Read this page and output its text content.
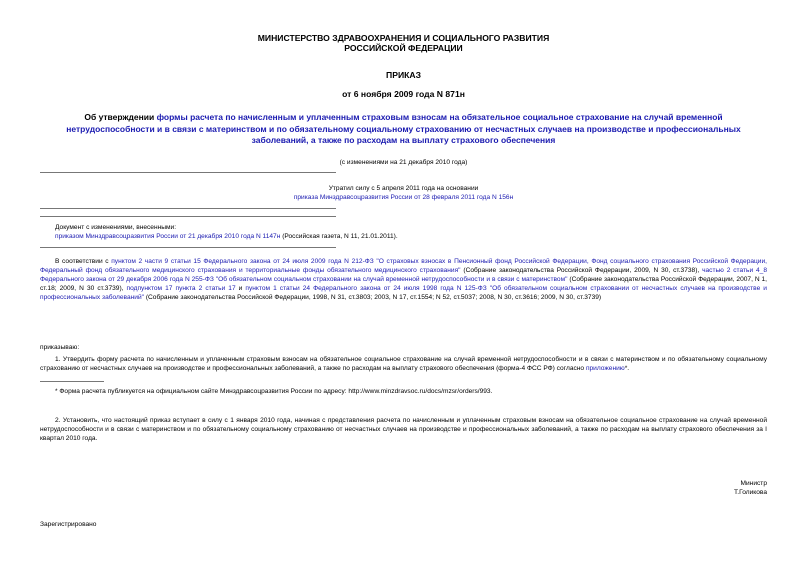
МИНИСТЕРСТВО ЗДРАВООХРАНЕНИЯ И СОЦИАЛЬНОГО РАЗВИТИЯ
РОССИЙСКОЙ ФЕДЕРАЦИИ
ПРИКАЗ
от 6 ноября 2009 года N 871н
Об утверждении формы расчета по начисленным и уплаченным страховым взносам на обязательное социальное страхование на случай временной нетрудоспособности и в связи с материнством и по обязательному социальному страхованию от несчастных случаев на производстве и профессиональных заболеваний, а также по расходам на выплату страхового обеспечения
(с изменениями на 21 декабря 2010 года)
Утратил силу с 5 апреля 2011 года на основании
приказа Минздравсоцразвития России от 28 февраля 2011 года N 156н
Документ с изменениями, внесенными:
приказом Минздравсоцразвития России от 21 декабря 2010 года N 1147н (Российская газета, N 11, 21.01.2011).
В соответствии с пунктом 2 части 9 статьи 15 Федерального закона от 24 июля 2009 года N 212-ФЗ "О страховых взносах в Пенсионный фонд Российской Федерации, Фонд социального страхования Российской Федерации, Федеральный фонд обязательного медицинского страхования и территориальные фонды обязательного медицинского страхования" (Собрание законодательства Российской Федерации, 2009, N 30, ст.3738), частью 2 статьи 4_8 Федерального закона от 29 декабря 2006 года N 255-ФЗ "Об обязательном социальном страховании на случай временной нетрудоспособности и в связи с материнством" (Собрание законодательства Российской Федерации, 2007, N 1, ст.18; 2009, N 30 ст.3739), подпунктом 17 пункта 2 статьи 17 и пунктом 1 статьи 24 Федерального закона от 24 июля 1998 года N 125-ФЗ "Об обязательном социальном страховании от несчастных случаев на производстве и профессиональных заболеваний" (Собрание законодательства Российской Федерации, 1998, N 31, ст.3803; 2003, N 17, ст.1554; N 52, ст.5037; 2008, N 30, ст.3616; 2009, N 30, ст.3739)
приказываю:
1. Утвердить форму расчета по начисленным и уплаченным страховым взносам на обязательное социальное страхование на случай временной нетрудоспособности и в связи с материнством и по обязательному социальному страхованию от несчастных случаев на производстве и профессиональных заболеваний, а также по расходам на выплату страхового обеспечения (форма-4 ФСС РФ) согласно приложению*.
* Форма расчета публикуется на официальном сайте Минздравсоцразвития России по адресу: http://www.minzdravsoc.ru/docs/mzsr/orders/993.
2. Установить, что настоящий приказ вступает в силу с 1 января 2010 года, начиная с представления расчета по начисленным и уплаченным страховым взносам на обязательное социальное страхование на случай временной нетрудоспособности и в связи с материнством и по обязательному социальному страхованию от несчастных случаев на производстве и профессиональных заболеваний, а также по расходам на выплату страхового обеспечения за I квартал 2010 года.
Министр
Т.Голикова
Зарегистрировано
